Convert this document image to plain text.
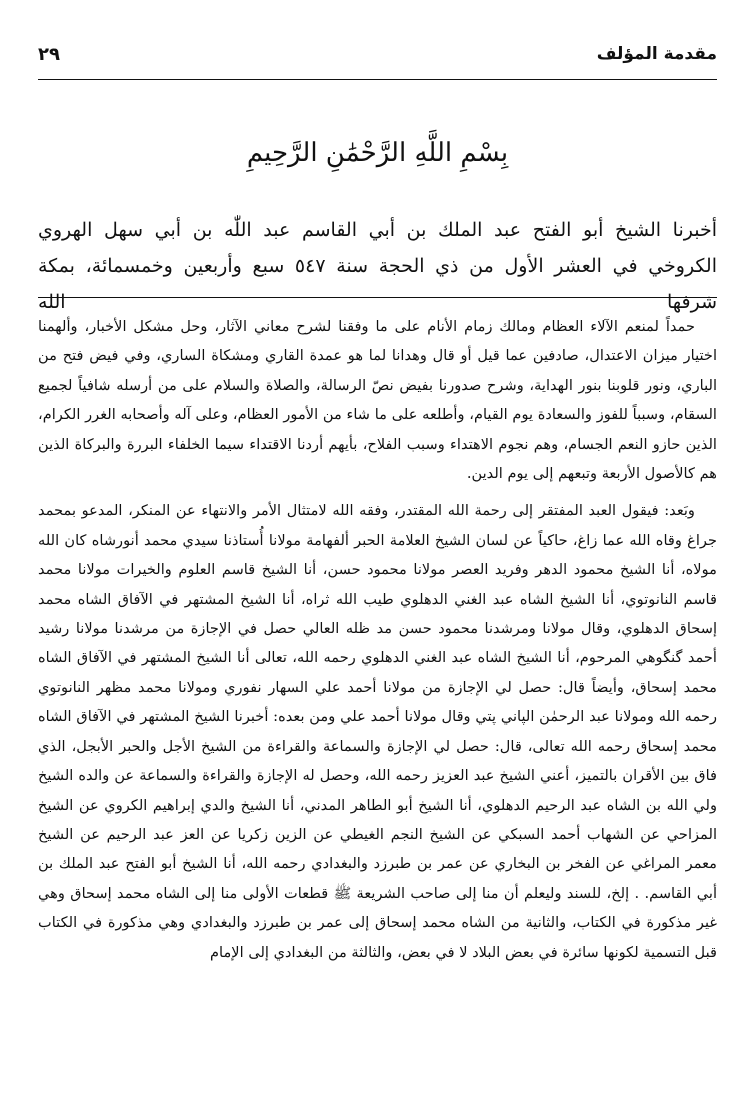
مقدمة المؤلف
٢٩
بِسْمِ اللَّهِ الرَّحْمَٰنِ الرَّحِيمِ

أخبرنا الشيخ أبو الفتح عبد الملك بن أبي القاسم عبد اللّٰه بن أبي سهل الهروي

الكروخي في العشر الأول من ذي الحجة سنة ٥٤٧ سبع وأربعين وخمسمائة، بمكة شرفها الله

حمداً لمنعم الآلاء العظام ومالك زمام الأنام على ما وفقنا لشرح معاني الآثار، وحل مشكل الأخبار، وألهمنا اختيار ميزان الاعتدال، صادفين عما قيل أو قال وهدانا لما هو عمدة القاري ومشكاة الساري، وفي فيض فتح من الباري، ونور قلوبنا بنور الهداية، وشرح صدورنا بفيض نصّ الرسالة، والصلاة والسلام على من أرسله شافياً لجميع السقام، وسبباً للفوز والسعادة يوم القيام، وأطلعه على ما شاء من الأمور العظام، وعلى آله وأصحابه الغرر الكرام، الذين حازو النعم الجسام، وهم نجوم الاهتداء وسبب الفلاح، بأيهم أردنا الاقتداء سيما الخلفاء البررة والبركاة الذين هم كالأصول الأربعة وتبعهم إلى يوم الدين.

وبَعد: فيقول العبد المفتقر إلى رحمة الله المقتدر، وفقه الله لامتثال الأمر والانتهاء عن المنكر، المدعو بمحمد جراغ وقاه الله عما زاغ، حاكياً عن لسان الشيخ العلامة الحبر ألفهامة مولانا أُستاذنا سيدي محمد أنورشاه كان الله مولاه، أنا الشيخ محمود الدهر وفريد العصر مولانا محمود حسن، أنا الشيخ قاسم العلوم والخيرات مولانا محمد قاسم النانوتوي، أنا الشيخ الشاه عبد الغني الدهلوي طيب الله ثراه، أنا الشيخ المشتهر في الآفاق الشاه محمد إسحاق الدهلوي، وقال مولانا ومرشدنا محمود حسن مد ظله العالي حصل في الإجازة من مرشدنا مولانا رشيد أحمد گنگوهي المرحوم، أنا الشيخ الشاه عبد الغني الدهلوي رحمه الله، تعالى أنا الشيخ المشتهر في الآفاق الشاه محمد إسحاق، وأيضاً قال: حصل لي الإجازة من مولانا أحمد علي السهار نفوري ومولانا محمد مظهر النانوتوي رحمه الله ومولانا عبد الرحمٰن الپاني پتي وقال مولانا أحمد علي ومن بعده: أخبرنا الشيخ المشتهر في الآفاق الشاه محمد إسحاق رحمه الله تعالى، قال: حصل لي الإجازة والسماعة والقراءة من الشيخ الأجل والحبر الأبجل، الذي فاق بين الأقران بالتميز، أعني الشيخ عبد العزيز رحمه الله، وحصل له الإجازة والقراءة والسماعة عن والده الشيخ ولي الله بن الشاه عبد الرحيم الدهلوي، أنا الشيخ أبو الطاهر المدني، أنا الشيخ والدي إبراهيم الكروي عن الشيخ المزاحي عن الشهاب أحمد السبكي عن الشيخ النجم الغيطي عن الزين زكريا عن العز عبد الرحيم عن الشيخ معمر المراغي عن الفخر بن البخاري عن عمر بن طبرزد والبغدادي رحمه الله، أنا الشيخ أبو الفتح عبد الملك بن أبي القاسم. . إلخ، للسند وليعلم أن منا إلى صاحب الشريعة ﷺ قطعات الأولى منا إلى الشاه محمد إسحاق وهي غير مذكورة في الكتاب، والثانية من الشاه محمد إسحاق إلى عمر بن طبرزد والبغدادي وهي مذكورة في الكتاب قبل التسمية لكونها سائرة في بعض البلاد لا في بعض، والثالثة من البغدادي إلى الإمام
